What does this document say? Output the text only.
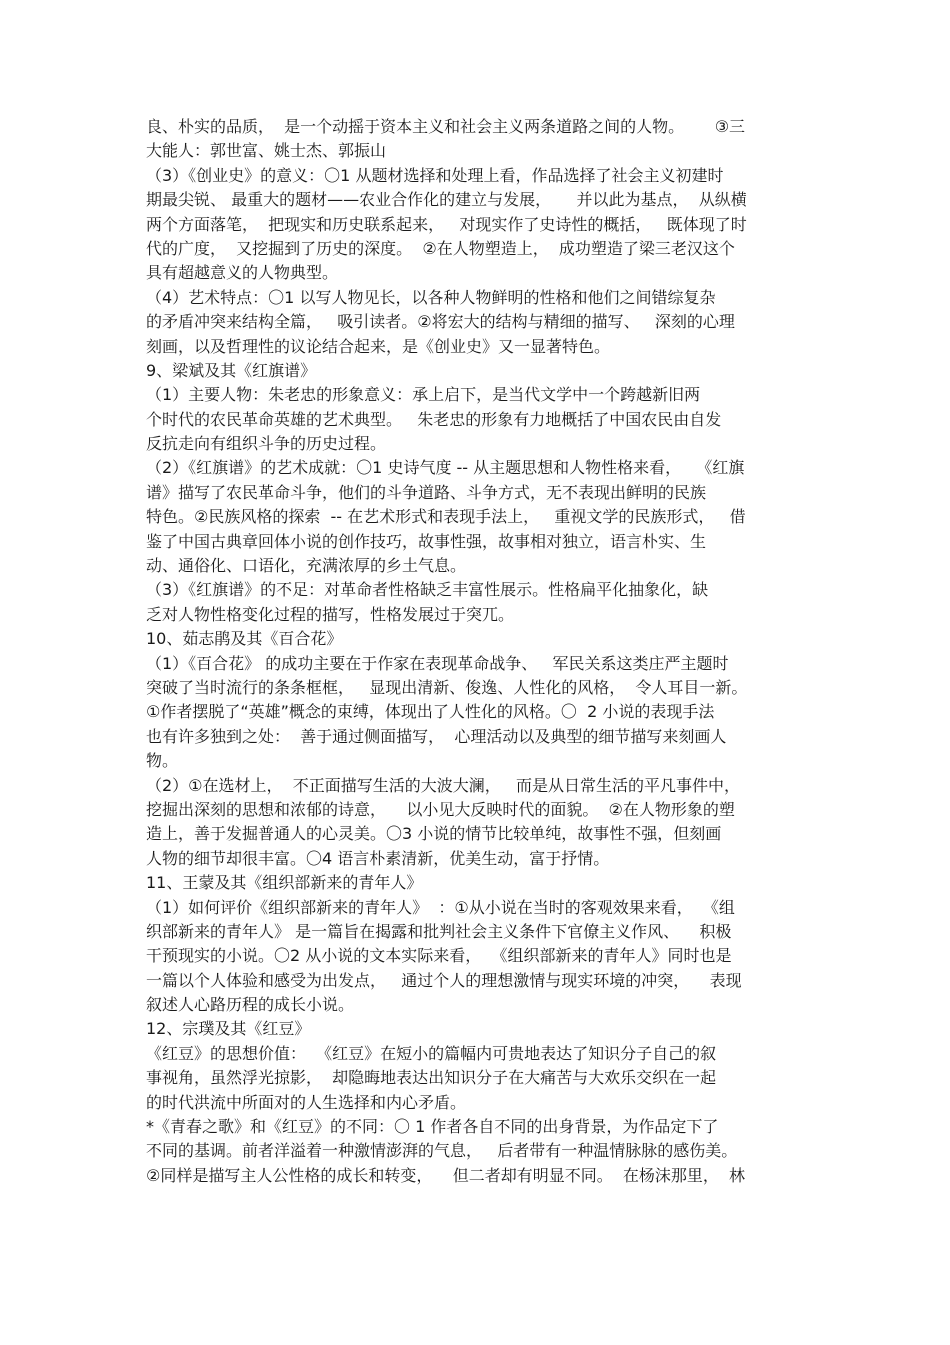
良、朴实的品质，  是一个动摇于资本主义和社会主义两条道路之间的人物。      ③三
大能人：郭世富、姚士杰、郭振山
（3）《创业史》的意义：〇1 从题材选择和处理上看，作品选择了社会主义初建时
期最尖锐、 最重大的题材——农业合作化的建立与发展，     并以此为基点，  从纵横
两个方面落笔，  把现实和历史联系起来，   对现实作了史诗性的概括，   既体现了时
代的广度，  又挖掘到了历史的深度。  ②在人物塑造上，  成功塑造了梁三老汉这个
具有超越意义的人物典型。
（4）艺术特点：〇1 以写人物见长，以各种人物鲜明的性格和他们之间错综复杂
的矛盾冲突来结构全篇，   吸引读者。②将宏大的结构与精细的描写、   深刻的心理
刻画，以及哲理性的议论结合起来，是《创业史》又一显著特色。
9、梁斌及其《红旗谱》
（1）主要人物：朱老忠的形象意义：承上启下，是当代文学中一个跨越新旧两
个时代的农民革命英雄的艺术典型。   朱老忠的形象有力地概括了中国农民由自发
反抗走向有组织斗争的历史过程。
（2）《红旗谱》的艺术成就：〇1 史诗气度 -- 从主题思想和人物性格来看，   《红旗
谱》描写了农民革命斗争，他们的斗争道路、斗争方式，无不表现出鲜明的民族
特色。②民族风格的探索  -- 在艺术形式和表现手法上，   重视文学的民族形式，   借
鉴了中国古典章回体小说的创作技巧，故事性强，故事相对独立，语言朴实、生
动、通俗化、口语化，充满浓厚的乡土气息。
（3）《红旗谱》的不足：对革命者性格缺乏丰富性展示。性格扁平化抽象化，缺
乏对人物性格变化过程的描写，性格发展过于突兀。
10、茹志鹃及其《百合花》
（1）《百合花》 的成功主要在于作家在表现革命战争、   军民关系这类庄严主题时
突破了当时流行的条条框框，   显现出清新、俊逸、人性化的风格，  令人耳目一新。
①作者摆脱了“英雄”概念的束缚，体现出了人性化的风格。〇  2 小说的表现手法
也有许多独到之处：  善于通过侧面描写，  心理活动以及典型的细节描写来刻画人
物。
（2）①在选材上，  不正面描写生活的大波大澜，   而是从日常生活的平凡事件中，
挖掘出深刻的思想和浓郁的诗意，    以小见大反映时代的面貌。  ②在人物形象的塑
造上，善于发掘普通人的心灵美。〇3 小说的情节比较单纯，故事性不强，但刻画
人物的细节却很丰富。〇4 语言朴素清新，优美生动，富于抒情。
11、王蒙及其《组织部新来的青年人》
（1）如何评价《组织部新来的青年人》  ：①从小说在当时的客观效果来看，  《组
织部新来的青年人》 是一篇旨在揭露和批判社会主义条件下官僚主义作风、    积极
干预现实的小说。〇2 从小说的文本实际来看，  《组织部新来的青年人》同时也是
一篇以个人体验和感受为出发点，   通过个人的理想激情与现实环境的冲突，    表现
叙述人心路历程的成长小说。
12、宗璞及其《红豆》
《红豆》的思想价值：  《红豆》在短小的篇幅内可贵地表达了知识分子自己的叙
事视角，虽然浮光掠影，  却隐晦地表达出知识分子在大痛苦与大欢乐交织在一起
的时代洪流中所面对的人生选择和内心矛盾。
*《青春之歌》和《红豆》的不同：〇 1 作者各自不同的出身背景，为作品定下了
不同的基调。前者洋溢着一种激情澎湃的气息，   后者带有一种温情脉脉的感伤美。
②同样是描写主人公性格的成长和转变，    但二者却有明显不同。  在杨沫那里，  林
